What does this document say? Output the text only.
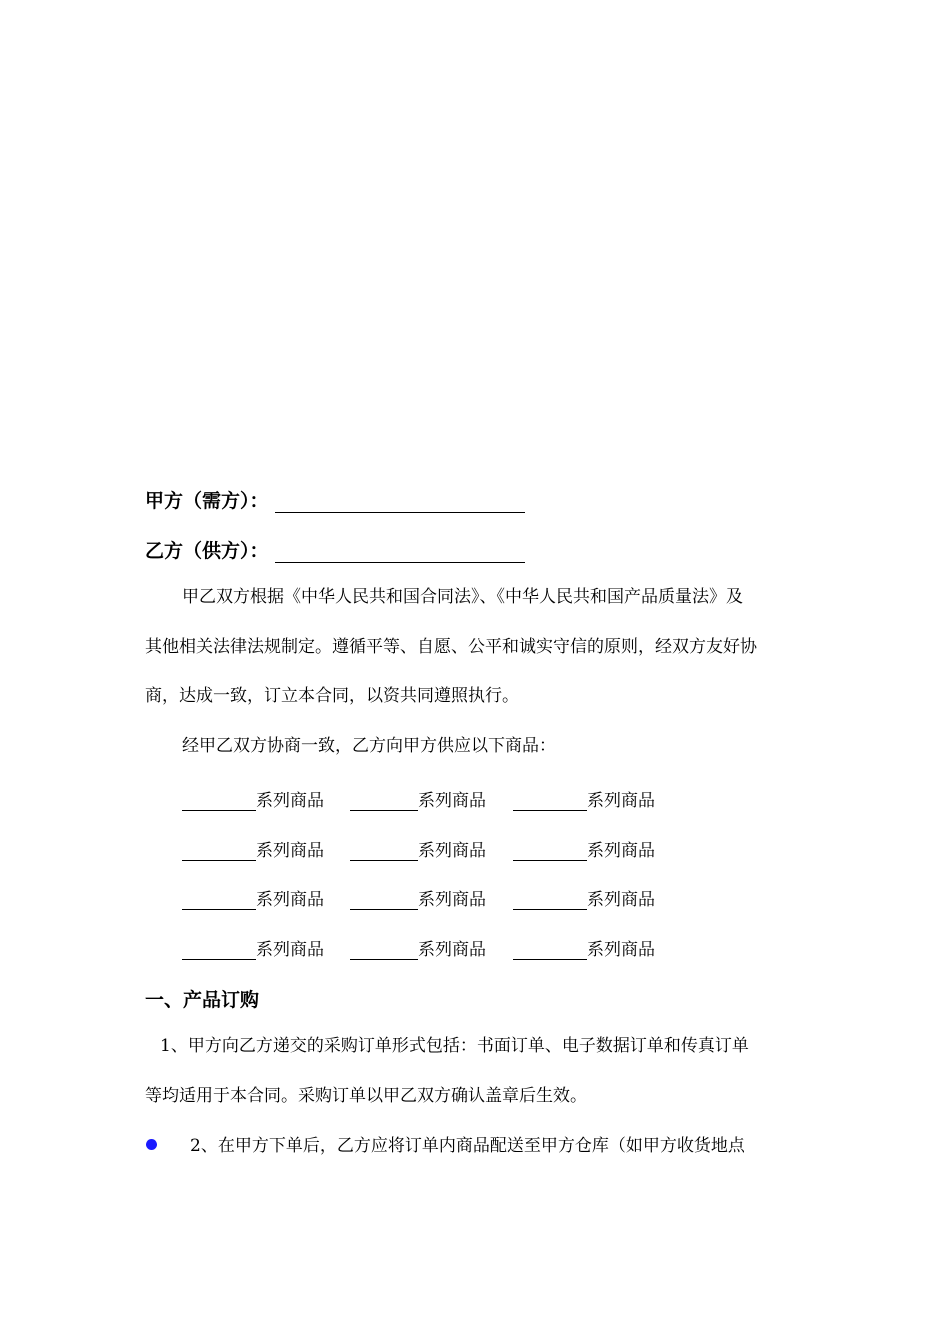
甲方（需方）：
乙方（供方）：
甲乙双方根据《中华人民共和国合同法》、《中华人民共和国产品质量法》及
其他相关法律法规制定。遵循平等、自愿、公平和诚实守信的原则，经双方友好协
商，达成一致，订立本合同，以资共同遵照执行。
经甲乙双方协商一致，乙方向甲方供应以下商品：
系列商品	系列商品	系列商品
系列商品	系列商品	系列商品
系列商品	系列商品	系列商品
系列商品	系列商品	系列商品
一、产品订购
1、甲方向乙方递交的采购订单形式包括：书面订单、电子数据订单和传真订单
等均适用于本合同。采购订单以甲乙双方确认盖章后生效。
2、在甲方下单后，乙方应将订单内商品配送至甲方仓库（如甲方收货地点
